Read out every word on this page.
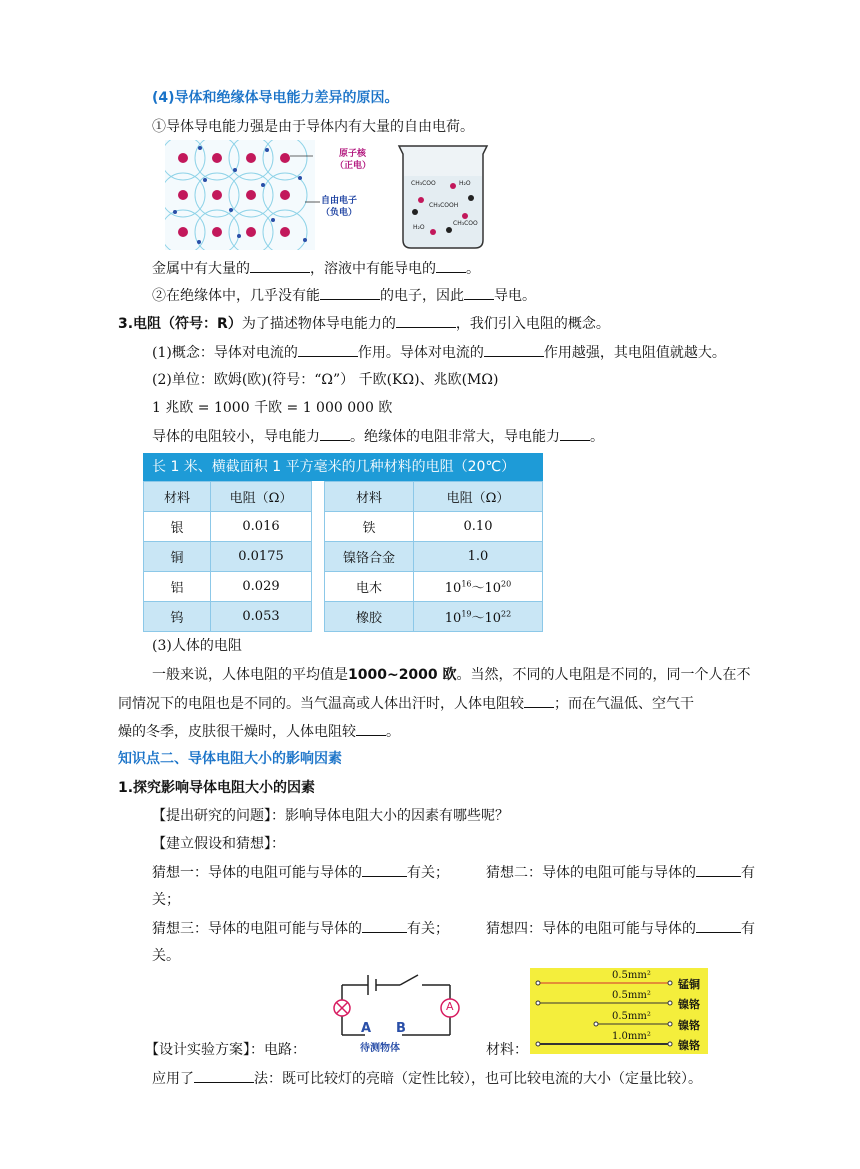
(4)导体和绝缘体导电能力差异的原因。
①导体导电能力强是由于导体内有大量的自由电荷。
原子核
（正电）
自由电子
（负电）
CH₃COO	H₂O
CH₃COOH
CH₃COO
H₂O
金属中有大量的	，溶液中有能导电的 。
②在绝缘体中，几乎没有能	的电子，因此 导电。
3.电阻（符号：R）为了描述物体导电能力的	，我们引入电阻的概念。
(1)概念：导体对电流的	作用。导体对电流的	作用越强，其电阻值就越大。
(2)单位：欧姆(欧)(符号：“Ω”） 千欧(KΩ)、兆欧(MΩ)
1 兆欧 = 1000 千欧 = 1 000 000 欧
导体的电阻较小，导电能力 。绝缘体的电阻非常大，导电能力 。
长 1 米、横截面积 1 平方毫米的几种材料的电阻（20℃）
材料	电阻（Ω）		材料	电阻（Ω）
银	0.016		铁	0.10
铜	0.0175		镍铬合金	1.0
铝	0.029		电木	$10^{16}\sim 10^{20}$
钨	0.053		橡胶	$10^{19}\sim 10^{22}$
(3)人体的电阻
一般来说，人体电阻的平均值是1000~2000 欧。当然，不同的人电阻是不同的，同一个人在不
同情况下的电阻也是不同的。当气温高或人体出汗时，人体电阻较 ；而在气温低、空气干
燥的冬季，皮肤很干燥时，人体电阻较 。
知识点二、导体电阻大小的影响因素
1.探究影响导体电阻大小的因素
【提出研究的问题】：影响导体电阻大小的因素有哪些呢？
【建立假设和猜想】：
猜想一：导体的电阻可能与导体的	有关；	猜想二：导体的电阻可能与导体的	有
关；
猜想三：导体的电阻可能与导体的	有关；	猜想四：导体的电阻可能与导体的	有
关。
A
A B
待测物体
0.5mm²
0.5mm²
0.5mm²
1.0mm²
锰铜
镍铬
镍铬
镍铬
【设计实验方案】：电路：	材料：
应用了	法：既可比较灯的亮暗（定性比较），也可比较电流的大小（定量比较）。
